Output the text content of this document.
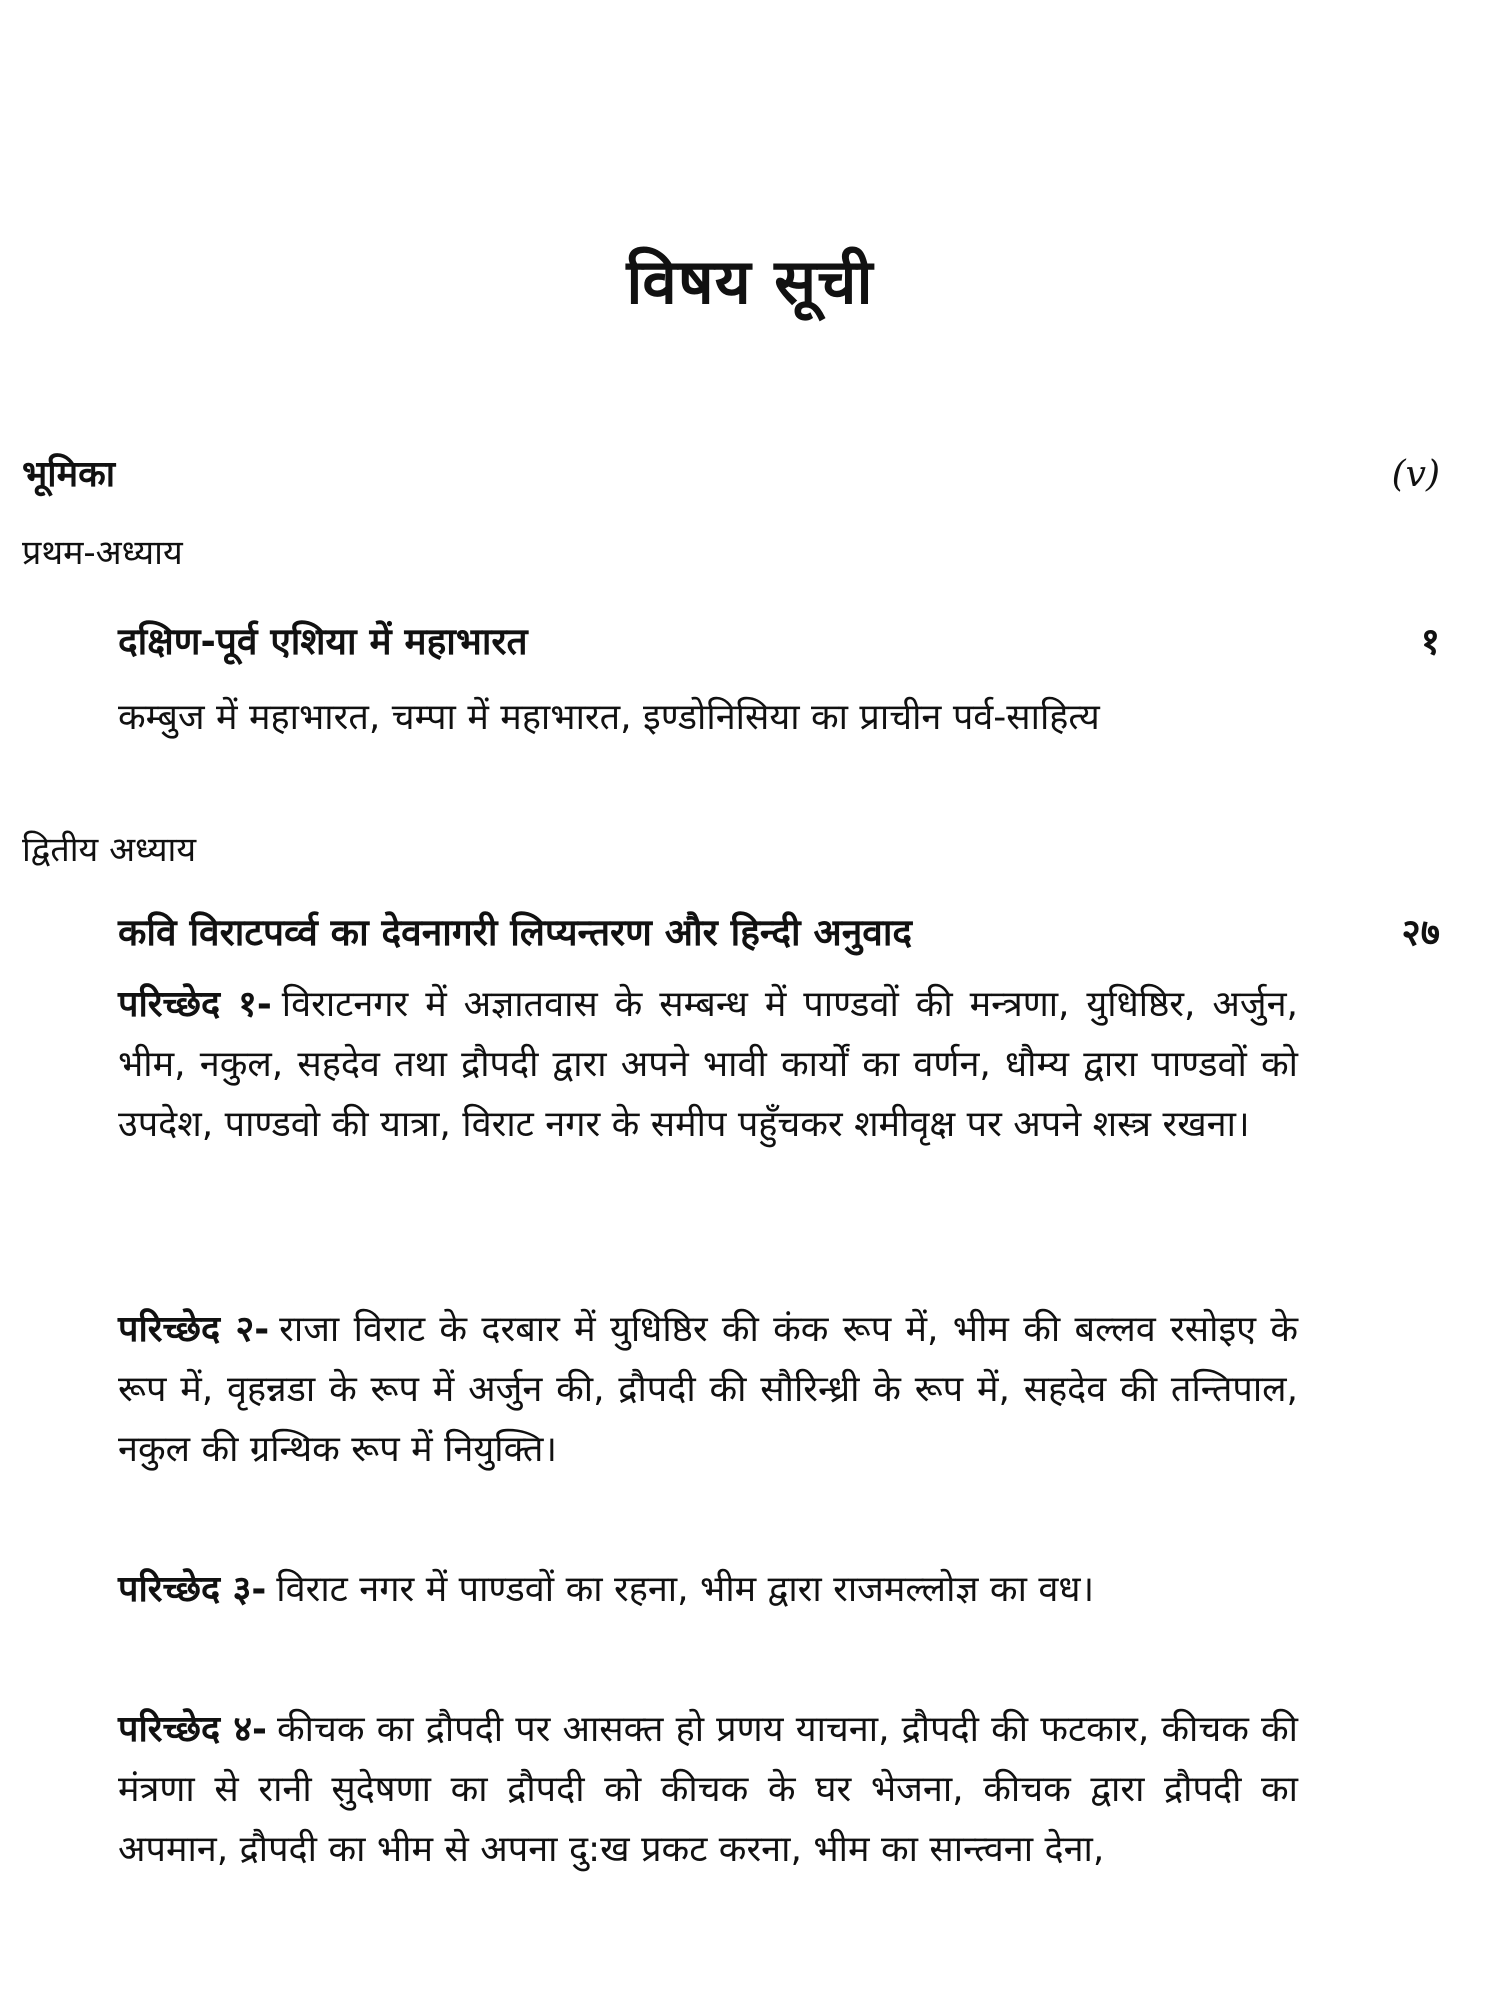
विषय सूची
भूमिका	(v)
प्रथम-अध्याय
दक्षिण-पूर्व एशिया में महाभारत	१
कम्बुज में महाभारत, चम्पा में महाभारत, इण्डोनिसिया का प्राचीन पर्व-साहित्य
द्वितीय अध्याय
कवि विराटपर्व्व का देवनागरी लिप्यन्तरण और हिन्दी अनुवाद	२७
परिच्छेद १- विराटनगर में अज्ञातवास के सम्बन्ध में पाण्डवों की मन्त्रणा, युधिष्ठिर, अर्जुन, भीम, नकुल, सहदेव तथा द्रौपदी द्वारा अपने भावी कार्यों का वर्णन, धौम्य द्वारा पाण्डवों को उपदेश, पाण्डवो की यात्रा, विराट नगर के समीप पहुँचकर शमीवृक्ष पर अपने शस्त्र रखना।
परिच्छेद २- राजा विराट के दरबार में युधिष्ठिर की कंक रूप में, भीम की बल्लव रसोइए के रूप में, वृहन्नडा के रूप में अर्जुन की, द्रौपदी की सौरिन्ध्री के रूप में, सहदेव की तन्तिपाल, नकुल की ग्रन्थिक रूप में नियुक्ति।
परिच्छेद ३- विराट नगर में पाण्डवों का रहना, भीम द्वारा राजमल्लोज्ञ का वध।
परिच्छेद ४- कीचक का द्रौपदी पर आसक्त हो प्रणय याचना, द्रौपदी की फटकार, कीचक की मंत्रणा से रानी सुदेषणा का द्रौपदी को कीचक के घर भेजना, कीचक द्वारा द्रौपदी का अपमान, द्रौपदी का भीम से अपना दु:ख प्रकट करना, भीम का सान्त्वना देना,
